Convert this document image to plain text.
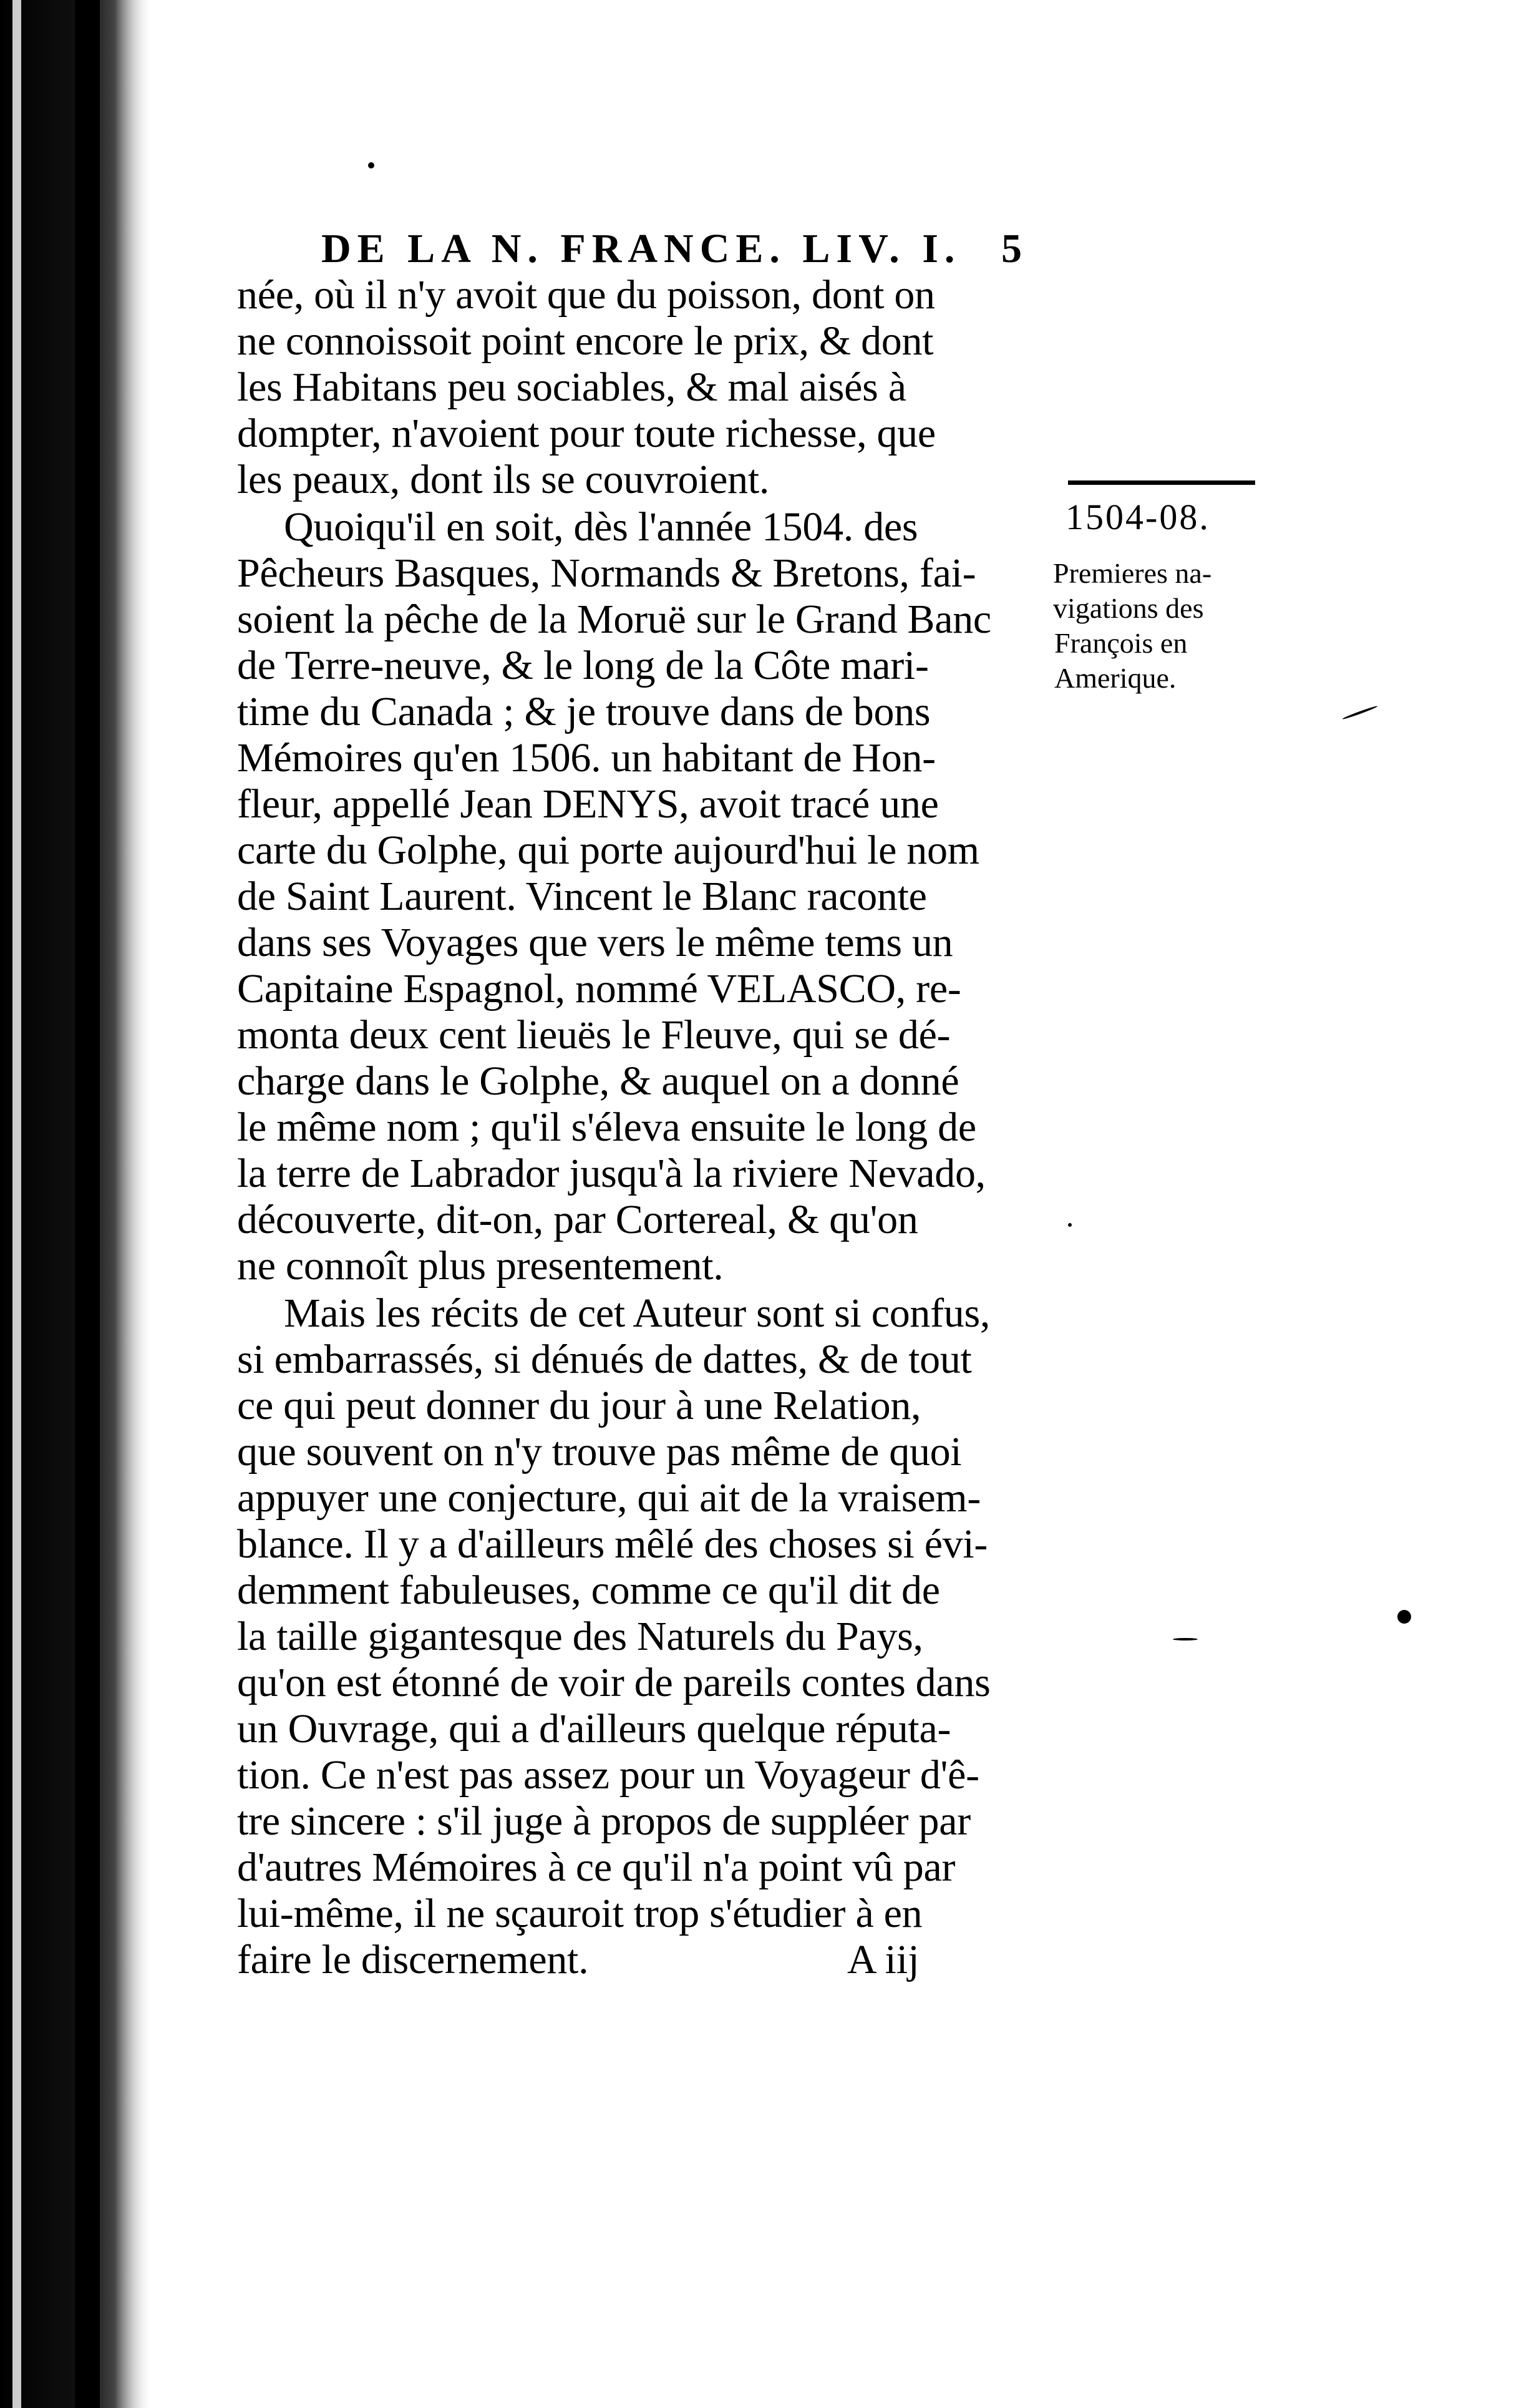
DE LA N. FRANCE. LIV. I. 5

née, où il n'y avoit que du poisson, dont on

ne connoissoit point encore le prix, & dont

les Habitans peu sociables, & mal aisés à

dompter, n'avoient pour toute richesse, que

les peaux, dont ils se couvroient.

Quoiqu'il en soit, dès l'année 1504. des

Pêcheurs Basques, Normands & Bretons, fai-

soient la pêche de la Moruë sur le Grand Banc

de Terre-neuve, & le long de la Côte mari-

time du Canada ; & je trouve dans de bons

Mémoires qu'en 1506. un habitant de Hon-

fleur, appellé Jean DENYS, avoit tracé une

carte du Golphe, qui porte aujourd'hui le nom

de Saint Laurent. Vincent le Blanc raconte

dans ses Voyages que vers le même tems un

Capitaine Espagnol, nommé VELASCO, re-

monta deux cent lieuës le Fleuve, qui se dé-

charge dans le Golphe, & auquel on a donné

le même nom ; qu'il s'éleva ensuite le long de

la terre de Labrador jusqu'à la riviere Nevado,

découverte, dit-on, par Cortereal, & qu'on

ne connoît plus presentement.

Mais les récits de cet Auteur sont si confus,

si embarrassés, si dénués de dattes, & de tout

ce qui peut donner du jour à une Relation,

que souvent on n'y trouve pas même de quoi

appuyer une conjecture, qui ait de la vraisem-

blance. Il y a d'ailleurs mêlé des choses si évi-

demment fabuleuses, comme ce qu'il dit de

la taille gigantesque des Naturels du Pays,

qu'on est étonné de voir de pareils contes dans

un Ouvrage, qui a d'ailleurs quelque réputa-

tion. Ce n'est pas assez pour un Voyageur d'ê-

tre sincere : s'il juge à propos de suppléer par

d'autres Mémoires à ce qu'il n'a point vû par

lui-même, il ne sçauroit trop s'étudier à en

faire le discernement.	A iij

1504-08.

Premieres na-

vigations des

François en

Amerique.
